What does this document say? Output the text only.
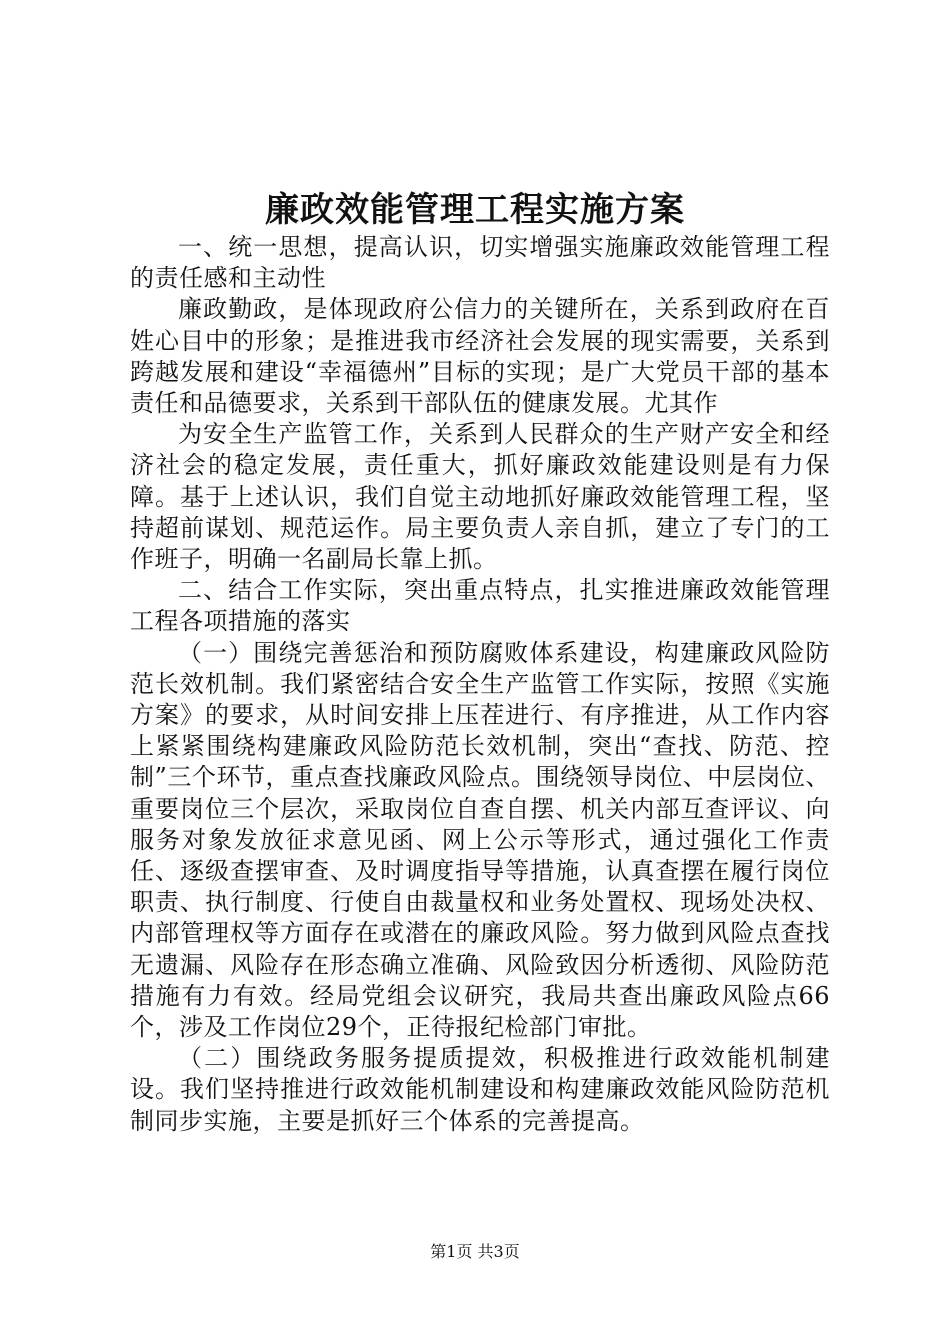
廉政效能管理工程实施方案

一、统一思想，提高认识，切实增强实施廉政效能管理工程的责任感和主动性

廉政勤政，是体现政府公信力的关键所在，关系到政府在百姓心目中的形象；是推进我市经济社会发展的现实需要，关系到跨越发展和建设“幸福德州”目标的实现；是广大党员干部的基本责任和品德要求，关系到干部队伍的健康发展。尤其作

为安全生产监管工作，关系到人民群众的生产财产安全和经济社会的稳定发展，责任重大，抓好廉政效能建设则是有力保障。基于上述认识，我们自觉主动地抓好廉政效能管理工程，坚持超前谋划、规范运作。局主要负责人亲自抓，建立了专门的工作班子，明确一名副局长靠上抓。

二、结合工作实际，突出重点特点，扎实推进廉政效能管理工程各项措施的落实

（一）围绕完善惩治和预防腐败体系建设，构建廉政风险防范长效机制。我们紧密结合安全生产监管工作实际，按照《实施方案》的要求，从时间安排上压茬进行、有序推进，从工作内容上紧紧围绕构建廉政风险防范长效机制，突出“查找、防范、控制”三个环节，重点查找廉政风险点。围绕领导岗位、中层岗位、重要岗位三个层次，采取岗位自查自摆、机关内部互查评议、向服务对象发放征求意见函、网上公示等形式，通过强化工作责任、逐级查摆审查、及时调度指导等措施，认真查摆在履行岗位职责、执行制度、行使自由裁量权和业务处置权、现场处决权、内部管理权等方面存在或潜在的廉政风险。努力做到风险点查找无遗漏、风险存在形态确立准确、风险致因分析透彻、风险防范措施有力有效。经局党组会议研究，我局共查出廉政风险点66个，涉及工作岗位29个，正待报纪检部门审批。

（二）围绕政务服务提质提效，积极推进行政效能机制建设。我们坚持推进行政效能机制建设和构建廉政效能风险防范机制同步实施，主要是抓好三个体系的完善提高。

第1页 共3页
